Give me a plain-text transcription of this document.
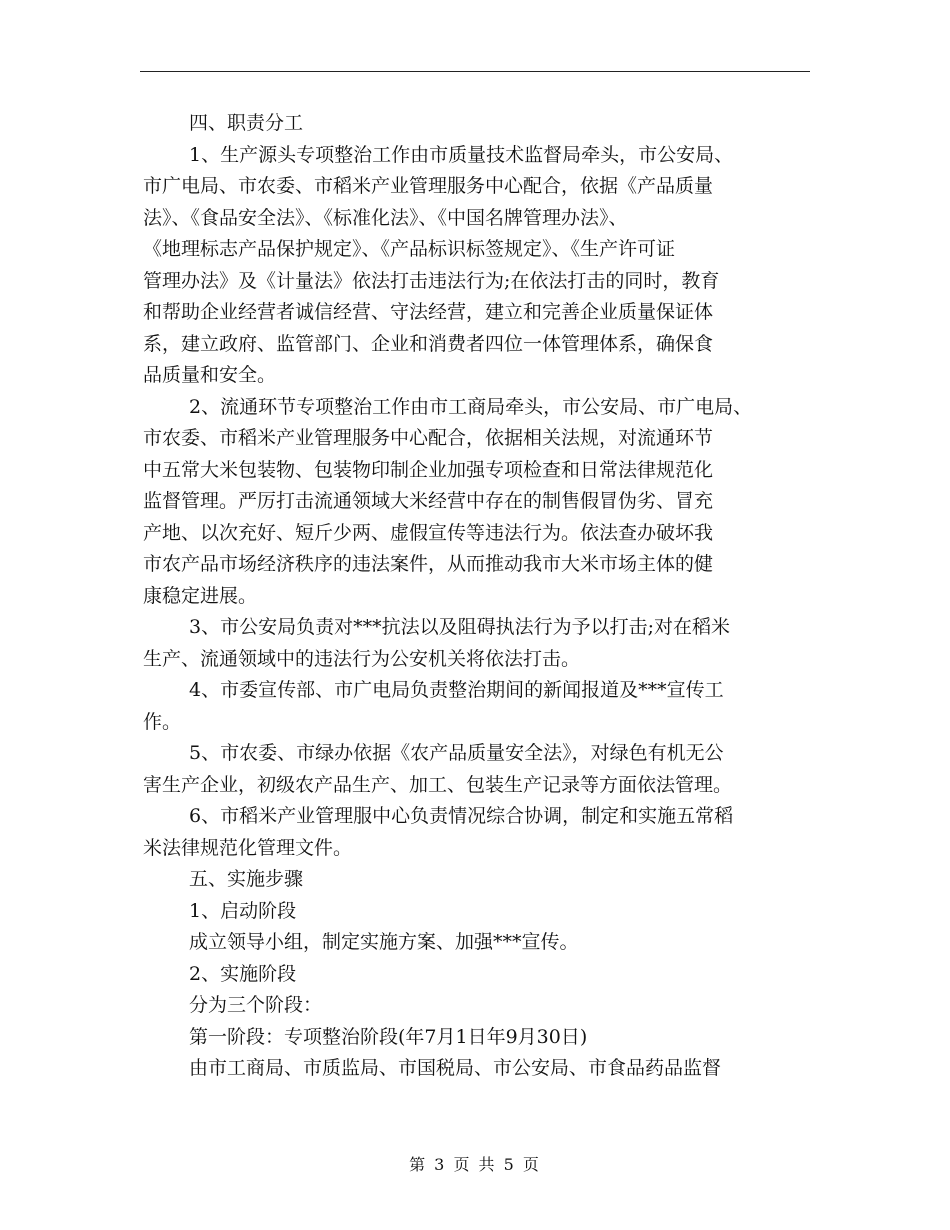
四、职责分工
1、生产源头专项整治工作由市质量技术监督局牵头，市公安局、
市广电局、市农委、市稻米产业管理服务中心配合，依据《产品质量
法》、《食品安全法》、《标准化法》、《中国名牌管理办法》、
《地理标志产品保护规定》、《产品标识标签规定》、《生产许可证
管理办法》及《计量法》依法打击违法行为;在依法打击的同时，教育
和帮助企业经营者诚信经营、守法经营，建立和完善企业质量保证体
系，建立政府、监管部门、企业和消费者四位一体管理体系，确保食
品质量和安全。
2、流通环节专项整治工作由市工商局牵头，市公安局、市广电局、
市农委、市稻米产业管理服务中心配合，依据相关法规，对流通环节
中五常大米包装物、包装物印制企业加强专项检查和日常法律规范化
监督管理。严厉打击流通领域大米经营中存在的制售假冒伪劣、冒充
产地、以次充好、短斤少两、虚假宣传等违法行为。依法查办破坏我
市农产品市场经济秩序的违法案件，从而推动我市大米市场主体的健
康稳定进展。
3、市公安局负责对***抗法以及阻碍执法行为予以打击;对在稻米
生产、流通领域中的违法行为公安机关将依法打击。
4、市委宣传部、市广电局负责整治期间的新闻报道及***宣传工
作。
5、市农委、市绿办依据《农产品质量安全法》，对绿色有机无公
害生产企业，初级农产品生产、加工、包装生产记录等方面依法管理。
6、市稻米产业管理服中心负责情况综合协调，制定和实施五常稻
米法律规范化管理文件。
五、实施步骤
1、启动阶段
成立领导小组，制定实施方案、加强***宣传。
2、实施阶段
分为三个阶段：
第一阶段：专项整治阶段(年7月1日年9月30日)
由市工商局、市质监局、市国税局、市公安局、市食品药品监督
第 3 页 共 5 页
